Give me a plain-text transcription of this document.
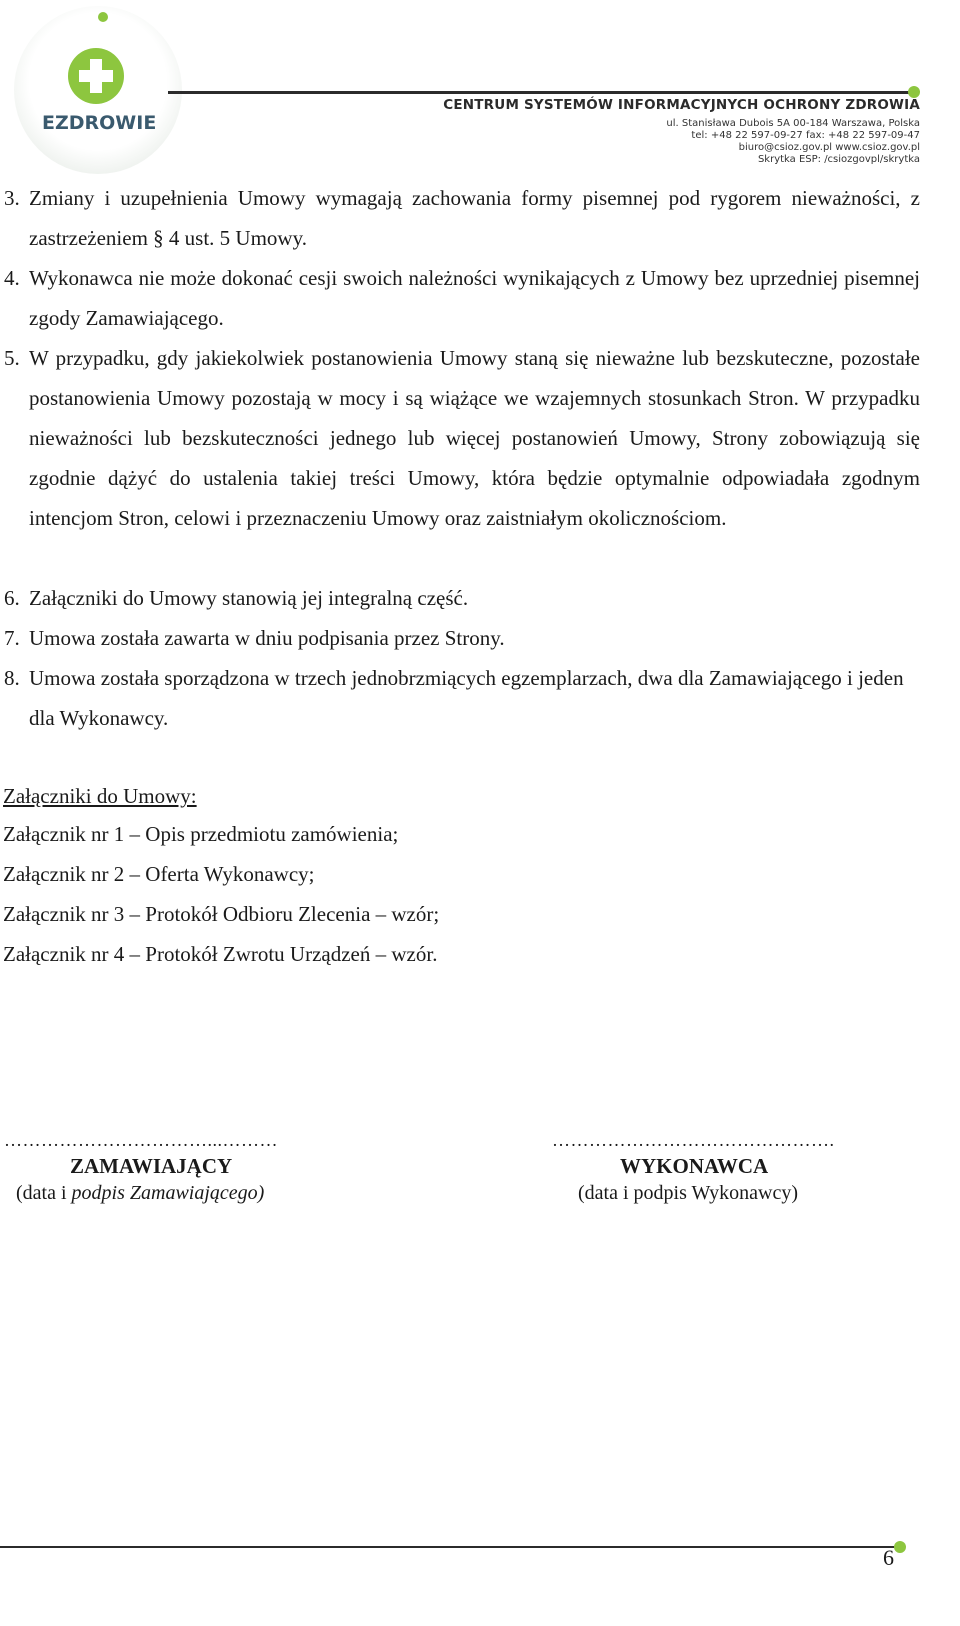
EZDROWIE
CENTRUM SYSTEMÓW INFORMACYJNYCH OCHRONY ZDROWIA
ul. Stanisława Dubois 5A 00-184 Warszawa, Polska
tel: +48 22 597-09-27 fax: +48 22 597-09-47
biuro@csioz.gov.pl www.csioz.gov.pl
Skrytka ESP: /csiozgovpl/skrytka
3. Zmiany i uzupełnienia Umowy wymagają zachowania formy pisemnej pod rygorem nieważności, z zastrzeżeniem § 4 ust. 5 Umowy.
4. Wykonawca nie może dokonać cesji swoich należności wynikających z Umowy bez uprzedniej pisemnej zgody Zamawiającego.
5. W przypadku, gdy jakiekolwiek postanowienia Umowy staną się nieważne lub bezskuteczne, pozostałe postanowienia Umowy pozostają w mocy i są wiążące we wzajemnych stosunkach Stron. W przypadku nieważności lub bezskuteczności jednego lub więcej postanowień Umowy, Strony zobowiązują się zgodnie dążyć do ustalenia takiej treści Umowy, która będzie optymalnie odpowiadała zgodnym intencjom Stron, celowi i przeznaczeniu Umowy oraz zaistniałym okolicznościom.
6. Załączniki do Umowy stanowią jej integralną część.
7. Umowa została zawarta w dniu podpisania przez Strony.
8. Umowa została sporządzona w trzech jednobrzmiących egzemplarzach, dwa dla Zamawiającego i jeden dla Wykonawcy.
Załączniki do Umowy:
Załącznik nr 1 – Opis przedmiotu zamówienia;
Załącznik nr 2 – Oferta Wykonawcy;
Załącznik nr 3 – Protokół Odbioru Zlecenia – wzór;
Załącznik nr 4 – Protokół Zwrotu Urządzeń – wzór.
……………………………...………
ZAMAWIAJĄCY
(data i podpis Zamawiającego)
……………………………………….
WYKONAWCA
(data i podpis Wykonawcy)
6
